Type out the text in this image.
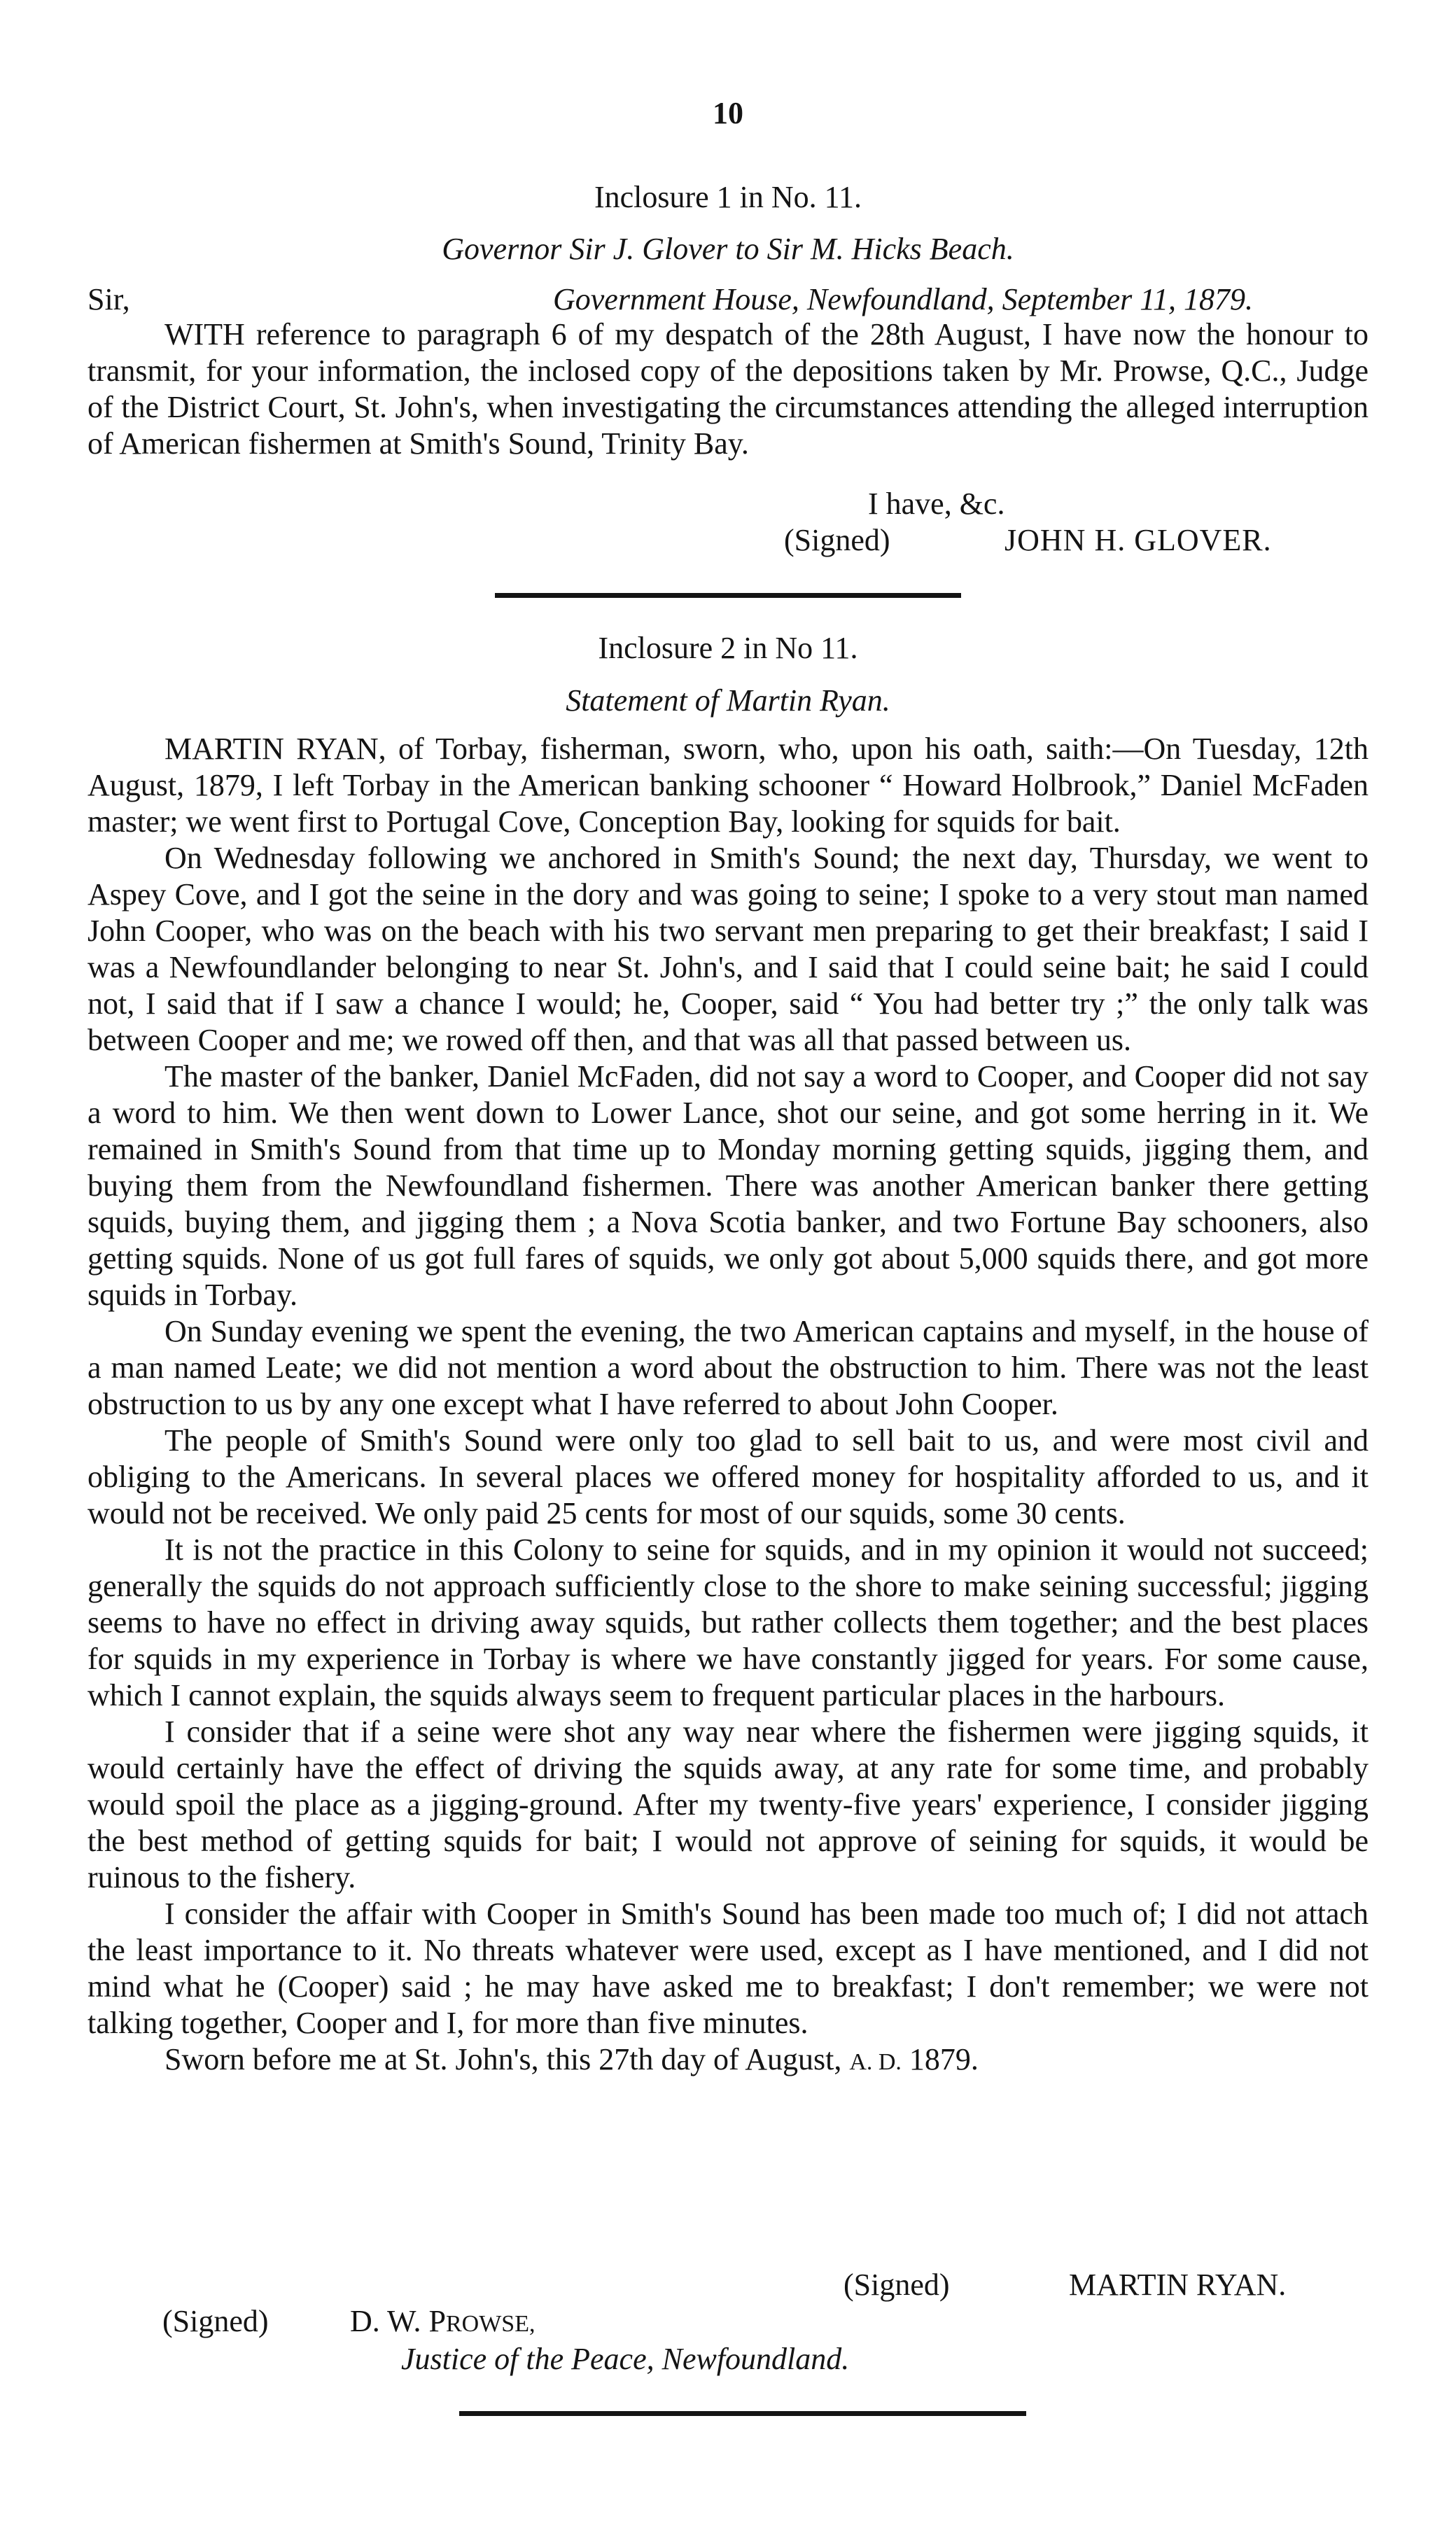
10
Inclosure 1 in No. 11.
Governor Sir J. Glover to Sir M. Hicks Beach.
Sir,	Government House, Newfoundland, September 11, 1879.

WITH reference to paragraph 6 of my despatch of the 28th August, I have now the honour to transmit, for your information, the inclosed copy of the depositions taken by Mr. Prowse, Q.C., Judge of the District Court, St. John's, when investigating the circumstances attending the alleged interruption of American fishermen at Smith's Sound, Trinity Bay.

I have, &c.
(Signed)	JOHN H. GLOVER.
Inclosure 2 in No 11.
Statement of Martin Ryan.

MARTIN RYAN, of Torbay, fisherman, sworn, who, upon his oath, saith:—On Tuesday, 12th August, 1879, I left Torbay in the American banking schooner “ Howard Holbrook,” Daniel McFaden master; we went first to Portugal Cove, Conception Bay, looking for squids for bait.

On Wednesday following we anchored in Smith's Sound; the next day, Thursday, we went to Aspey Cove, and I got the seine in the dory and was going to seine; I spoke to a very stout man named John Cooper, who was on the beach with his two servant men preparing to get their breakfast; I said I was a Newfoundlander belonging to near St. John's, and I said that I could seine bait; he said I could not, I said that if I saw a chance I would; he, Cooper, said “ You had better try ;” the only talk was between Cooper and me; we rowed off then, and that was all that passed between us.

The master of the banker, Daniel McFaden, did not say a word to Cooper, and Cooper did not say a word to him. We then went down to Lower Lance, shot our seine, and got some herring in it. We remained in Smith's Sound from that time up to Monday morning getting squids, jigging them, and buying them from the Newfoundland fishermen. There was another American banker there getting squids, buying them, and jigging them ; a Nova Scotia banker, and two Fortune Bay schooners, also getting squids. None of us got full fares of squids, we only got about 5,000 squids there, and got more squids in Torbay.

On Sunday evening we spent the evening, the two American captains and myself, in the house of a man named Leate; we did not mention a word about the obstruction to him. There was not the least obstruction to us by any one except what I have referred to about John Cooper.

The people of Smith's Sound were only too glad to sell bait to us, and were most civil and obliging to the Americans. In several places we offered money for hospitality afforded to us, and it would not be received. We only paid 25 cents for most of our squids, some 30 cents.

It is not the practice in this Colony to seine for squids, and in my opinion it would not succeed; generally the squids do not approach sufficiently close to the shore to make seining successful; jigging seems to have no effect in driving away squids, but rather collects them together; and the best places for squids in my experience in Torbay is where we have constantly jigged for years. For some cause, which I cannot explain, the squids always seem to frequent particular places in the harbours.

I consider that if a seine were shot any way near where the fishermen were jigging squids, it would certainly have the effect of driving the squids away, at any rate for some time, and probably would spoil the place as a jigging-ground. After my twenty-five years' experience, I consider jigging the best method of getting squids for bait; I would not approve of seining for squids, it would be ruinous to the fishery.

I consider the affair with Cooper in Smith's Sound has been made too much of; I did not attach the least importance to it. No threats whatever were used, except as I have mentioned, and I did not mind what he (Cooper) said ; he may have asked me to breakfast; I don't remember; we were not talking together, Cooper and I, for more than five minutes.

Sworn before me at St. John's, this 27th day of August, A. D. 1879.

(Signed)	MARTIN RYAN.
(Signed)	D. W. PROWSE,
Justice of the Peace, Newfoundland.
